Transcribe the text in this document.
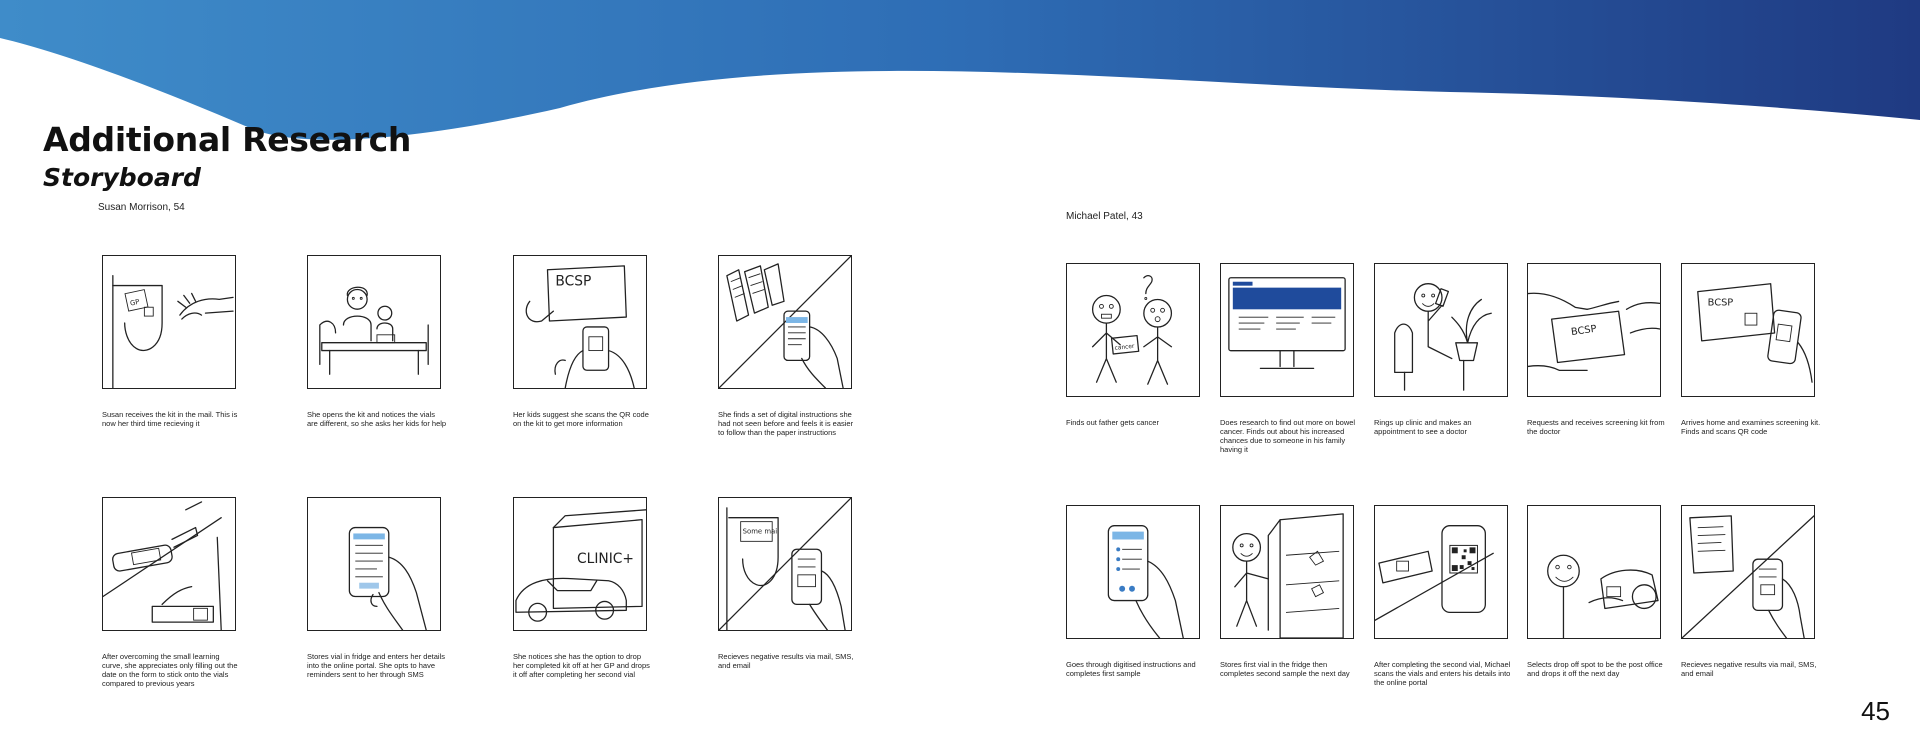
Additional Research
Storyboard
Susan Morrison, 54
GP
Susan receives the kit in the mail. This is now her third time recieving it
She opens the kit and notices the vials are different, so she asks her kids for help
BCSP
Her kids suggest she scans the QR code on the kit to get more information
She finds a set of digital instructions she had not seen before and feels it is easier to follow than the paper instructions
After overcoming the small learning curve, she appreciates only filling out the date on the form to stick onto the vials compared to previous years
Stores vial in fridge and enters her details into the online portal. She opts to have reminders sent to her through SMS
CLINIC+
She notices she has the option to drop her completed kit off at her GP and drops it off after completing her second vial
Some mail
Recieves negative results via mail, SMS, and email
Michael Patel, 43
cancer
Finds out father gets cancer	Does research to find out more on bowel cancer. Finds out about his increased chances due to someone in his family having it
Rings up clinic and makes an appointment to see a doctor
BCSP
Requests and receives screening kit from the doctor
BCSP
Arrives home and examines screening kit. Finds and scans QR code
Goes through digitised instructions and completes first sample
Stores first vial in the fridge then completes second sample the next day
After completing the second vial, Michael scans the vials and enters his details into the online portal
Selects drop off spot to be the post office and drops it off the next day
Recieves negative results via mail, SMS, and email
45
